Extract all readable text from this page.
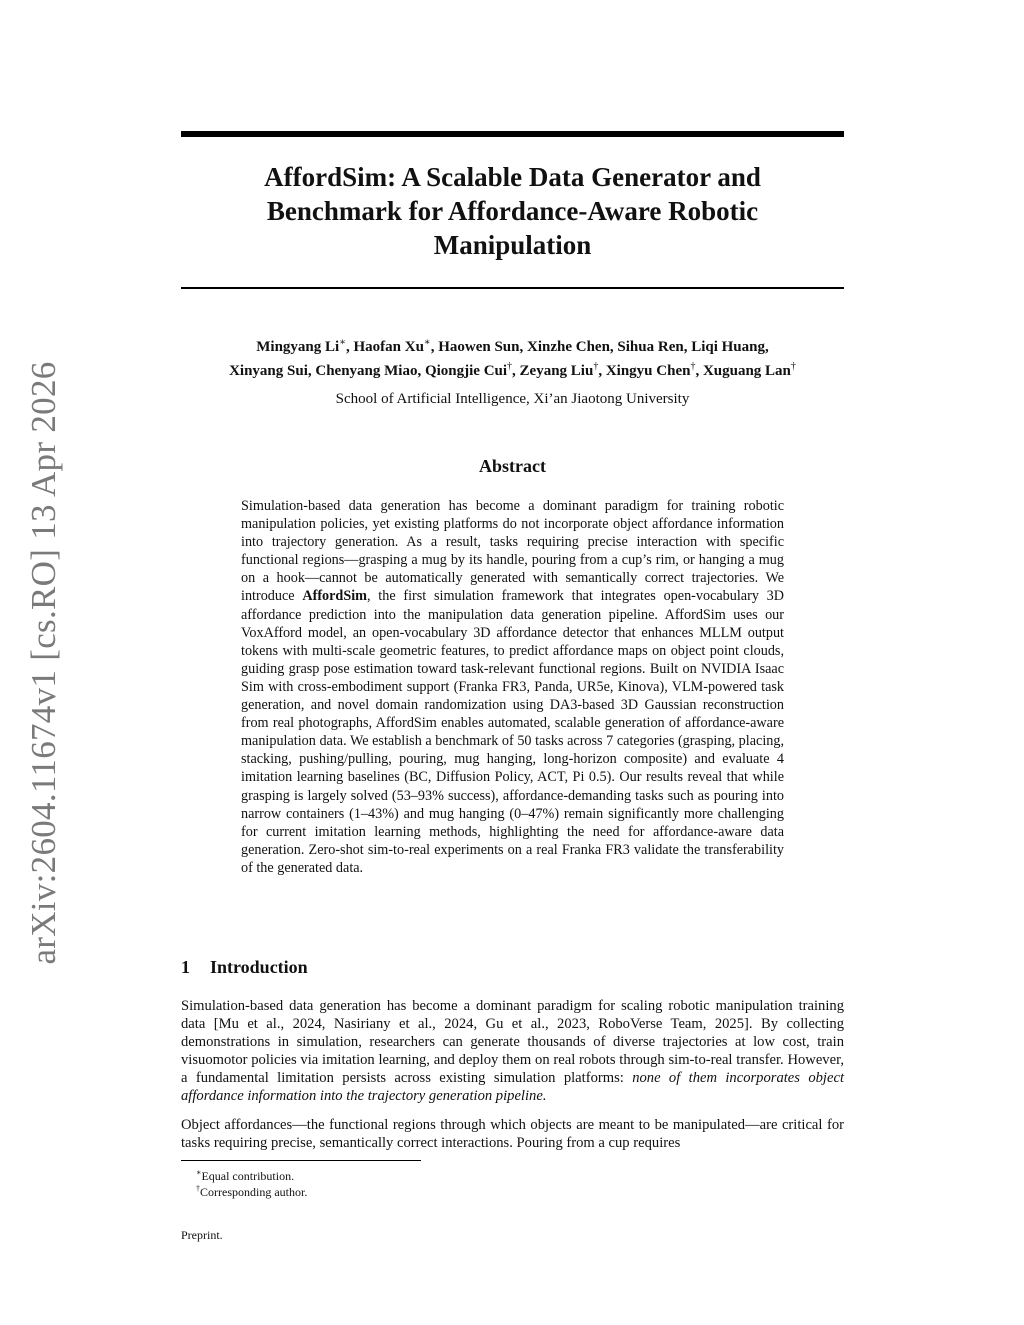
arXiv:2604.11674v1 [cs.RO] 13 Apr 2026
AffordSim: A Scalable Data Generator and
Benchmark for Affordance-Aware Robotic
Manipulation
Mingyang Li∗, Haofan Xu∗, Haowen Sun, Xinzhe Chen, Sihua Ren, Liqi Huang,
Xinyang Sui, Chenyang Miao, Qiongjie Cui†, Zeyang Liu†, Xingyu Chen†, Xuguang Lan†
School of Artificial Intelligence, Xi’an Jiaotong University
Abstract

Simulation-based data generation has become a dominant paradigm for training robotic manipulation policies, yet existing platforms do not incorporate object affordance information into trajectory generation. As a result, tasks requiring precise interaction with specific functional regions—grasping a mug by its handle, pouring from a cup’s rim, or hanging a mug on a hook—cannot be automatically generated with semantically correct trajectories. We introduce AffordSim, the first simulation framework that integrates open-vocabulary 3D affordance prediction into the manipulation data generation pipeline. AffordSim uses our VoxAfford model, an open-vocabulary 3D affordance detector that enhances MLLM output tokens with multi-scale geometric features, to predict affordance maps on object point clouds, guiding grasp pose estimation toward task-relevant functional regions. Built on NVIDIA Isaac Sim with cross-embodiment support (Franka FR3, Panda, UR5e, Kinova), VLM-powered task generation, and novel domain randomization using DA3-based 3D Gaussian reconstruction from real photographs, AffordSim enables automated, scalable generation of affordance-aware manipulation data. We establish a benchmark of 50 tasks across 7 categories (grasping, placing, stacking, pushing/pulling, pouring, mug hanging, long-horizon composite) and evaluate 4 imitation learning baselines (BC, Diffusion Policy, ACT, Pi 0.5). Our results reveal that while grasping is largely solved (53–93% success), affordance-demanding tasks such as pouring into narrow containers (1–43%) and mug hanging (0–47%) remain significantly more challenging for current imitation learning methods, highlighting the need for affordance-aware data generation. Zero-shot sim-to-real experiments on a real Franka FR3 validate the transferability of the generated data.

1 Introduction

Simulation-based data generation has become a dominant paradigm for scaling robotic manipulation training data [Mu et al., 2024, Nasiriany et al., 2024, Gu et al., 2023, RoboVerse Team, 2025]. By collecting demonstrations in simulation, researchers can generate thousands of diverse trajectories at low cost, train visuomotor policies via imitation learning, and deploy them on real robots through sim-to-real transfer. However, a fundamental limitation persists across existing simulation platforms: none of them incorporates object affordance information into the trajectory generation pipeline.

Object affordances—the functional regions through which objects are meant to be manipulated—are critical for tasks requiring precise, semantically correct interactions. Pouring from a cup requires

∗Equal contribution.
†Corresponding author.
Preprint.
